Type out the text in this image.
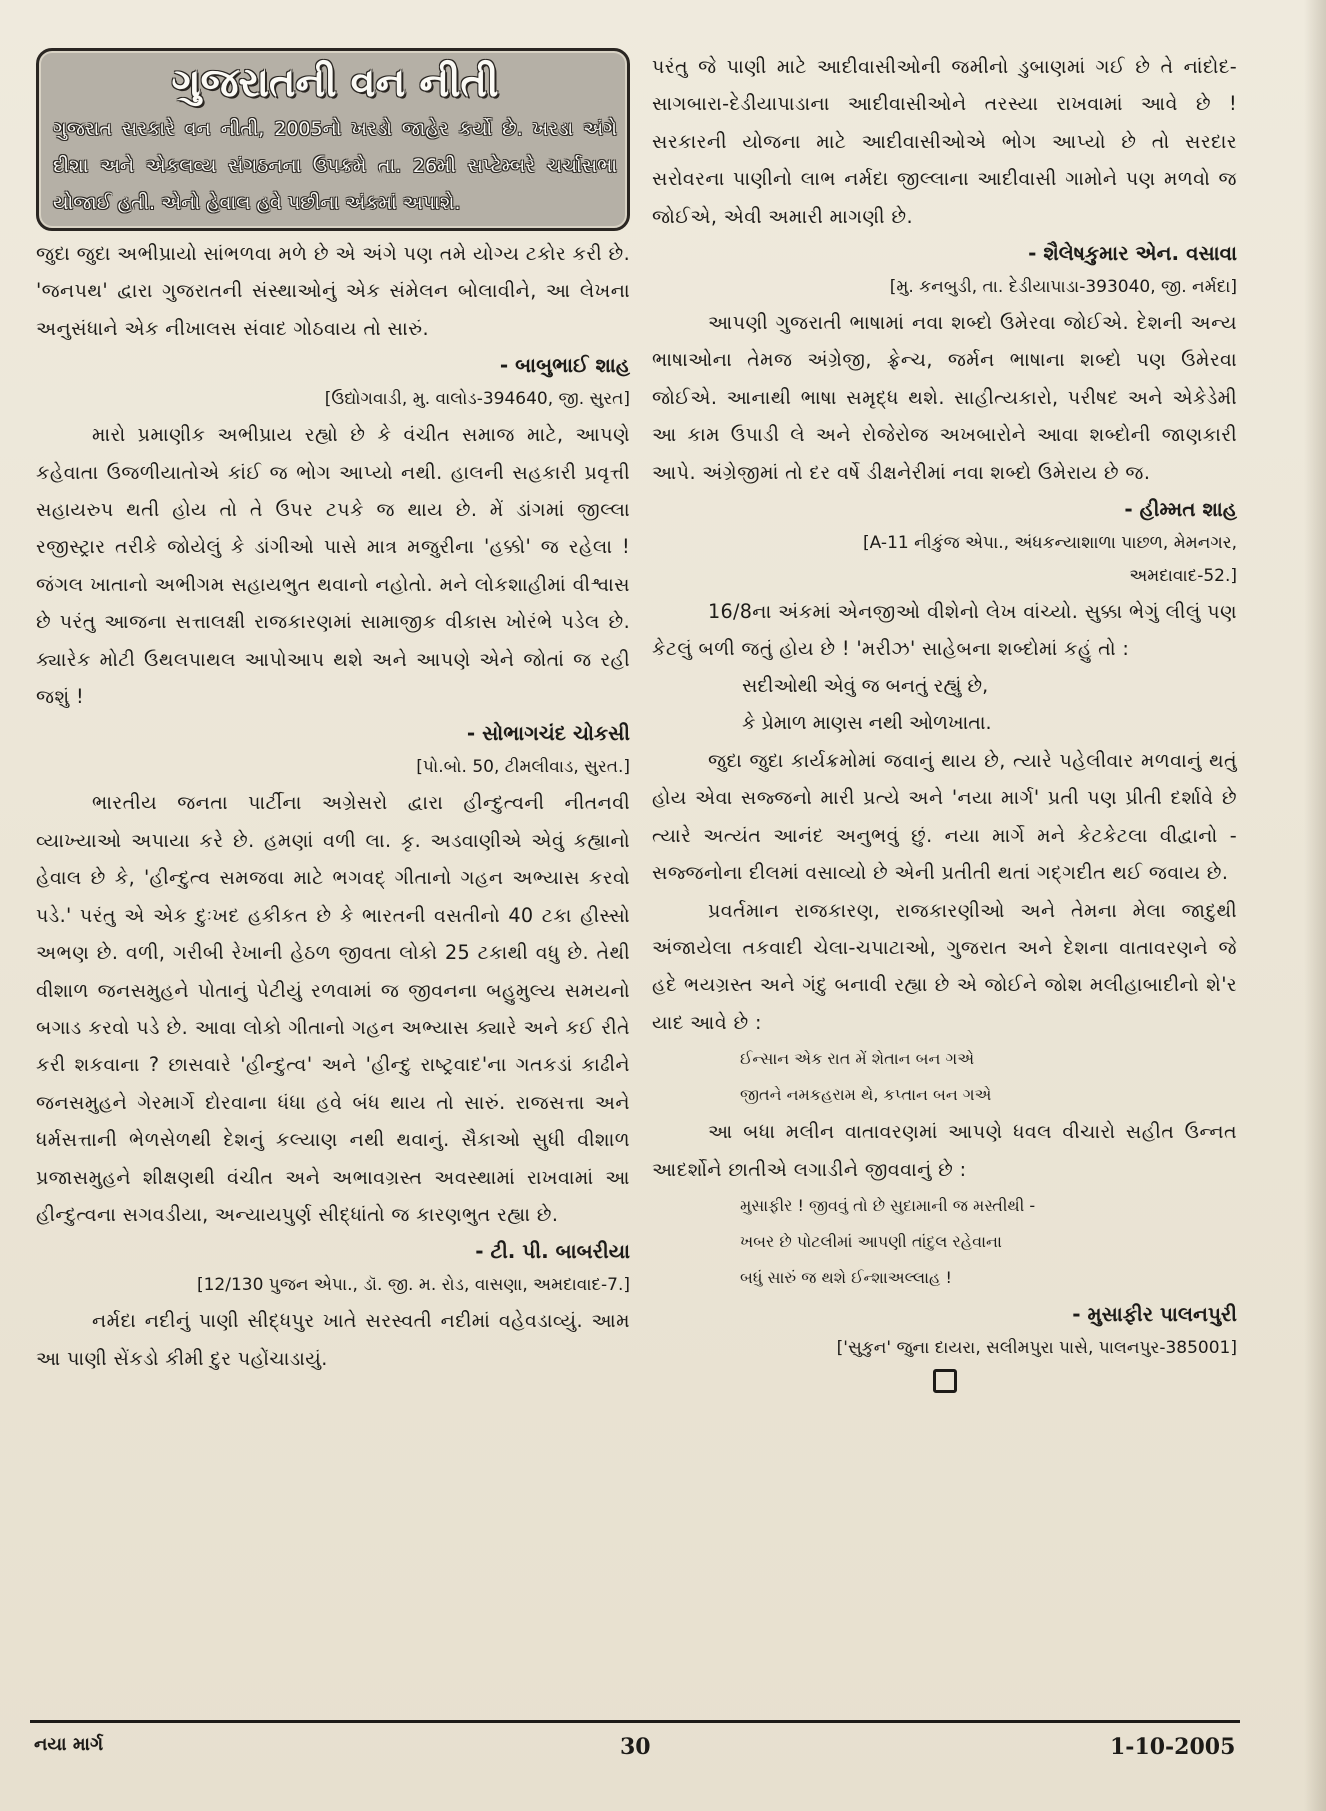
ગુજરાતની વન નીતી

ગુજરાત સરકારે વન નીતી, 2005નો ખરડો જાહેર કર્યો છે. ખરડા અંગે દીશા અને એકલવ્ય સંગઠનના ઉપક્રમે તા. 26મી સપ્ટેમ્બરે ચર્ચાસભા યોજાઈ હતી. એનો હેવાલ હવે પછીના અંકમાં અપાશે.

જુદા જુદા અભીપ્રાયો સાંભળવા મળે છે એ અંગે પણ તમે યોગ્ય ટકોર કરી છે. 'જનપથ' દ્વારા ગુજરાતની સંસ્થાઓનું એક સંમેલન બોલાવીને, આ લેખના અનુસંધાને એક નીખાલસ સંવાદ ગોઠવાય તો સારું.

- બાબુભાઈ શાહ

[ઉદ્યોગવાડી, મુ. વાલોડ-394640, જી. સુરત]

મારો પ્રમાણીક અભીપ્રાય રહ્યો છે કે વંચીત સમાજ માટે, આપણે કહેવાતા ઉજળીયાતોએ કાંઈ જ ભોગ આપ્યો નથી. હાલની સહકારી પ્રવૃત્તી સહાયરુપ થતી હોય તો તે ઉપર ટપકે જ થાય છે. મેં ડાંગમાં જીલ્લા રજીસ્ટ્રાર તરીકે જોયેલું કે ડાંગીઓ પાસે માત્ર મજુરીના 'હક્કો' જ રહેલા ! જંગલ ખાતાનો અભીગમ સહાયભુત થવાનો નહોતો. મને લોકશાહીમાં વીશ્વાસ છે પરંતુ આજના સત્તાલક્ષી રાજકારણમાં સામાજીક વીકાસ ખોરંભે પડેલ છે. ક્યારેક મોટી ઉથલપાથલ આપોઆપ થશે અને આપણે એને જોતાં જ રહી જશું !

- સોભાગચંદ ચોકસી

[પો.બો. 50, ટીમલીવાડ, સુરત.]

ભારતીય જનતા પાર્ટીના અગ્રેસરો દ્વારા હીન્દુત્વની નીતનવી વ્યાખ્યાઓ અપાયા કરે છે. હમણાં વળી લા. કૃ. અડવાણીએ એવું કહ્યાનો હેવાલ છે કે, 'હીન્દુત્વ સમજવા માટે ભગવદ્ ગીતાનો ગહન અભ્યાસ કરવો પડે.' પરંતુ એ એક દુઃખદ હકીકત છે કે ભારતની વસતીનો 40 ટકા હીસ્સો અભણ છે. વળી, ગરીબી રેખાની હેઠળ જીવતા લોકો 25 ટકાથી વધુ છે. તેથી વીશાળ જનસમુહને પોતાનું પેટીયું રળવામાં જ જીવનના બહુમુલ્ય સમયનો બગાડ કરવો પડે છે. આવા લોકો ગીતાનો ગહન અભ્યાસ ક્યારે અને કઈ રીતે કરી શકવાના ? છાસવારે 'હીન્દુત્વ' અને 'હીન્દુ રાષ્ટ્રવાદ'ના ગતકડાં કાઢીને જનસમુહને ગેરમાર્ગે દોરવાના ધંધા હવે બંધ થાય તો સારું. રાજસત્તા અને ધર્મસત્તાની ભેળસેળથી દેશનું કલ્યાણ નથી થવાનું. સૈકાઓ સુધી વીશાળ પ્રજાસમુહને શીક્ષણથી વંચીત અને અભાવગ્રસ્ત અવસ્થામાં રાખવામાં આ હીન્દુત્વના સગવડીયા, અન્યાયપુર્ણ સીદ્ધાંતો જ કારણભુત રહ્યા છે.

- ટી. પી. બાબરીયા

[12/130 પુજન એપા., ડૉ. જી. મ. રોડ, વાસણા, અમદાવાદ-7.]

નર્મદા નદીનું પાણી સીદ્ધપુર ખાતે સરસ્વતી નદીમાં વહેવડાવ્યું. આમ આ પાણી સેંકડો કીમી દુર પહોંચાડાયું.

પરંતુ જે પાણી માટે આદીવાસીઓની જમીનો ડુબાણમાં ગઈ છે તે નાંદોદ- સાગબારા-દેડીયાપાડાના આદીવાસીઓને તરસ્યા રાખવામાં આવે છે ! સરકારની યોજના માટે આદીવાસીઓએ ભોગ આપ્યો છે તો સરદાર સરોવરના પાણીનો લાભ નર્મદા જીલ્લાના આદીવાસી ગામોને પણ મળવો જ જોઈએ, એવી અમારી માગણી છે.

- શૈલેષકુમાર એન. વસાવા

[મુ. કનબુડી, તા. દેડીયાપાડા-393040, જી. નર્મદા]

આપણી ગુજરાતી ભાષામાં નવા શબ્દો ઉમેરવા જોઈએ. દેશની અન્ય ભાષાઓના તેમજ અંગ્રેજી, ફ્રેન્ચ, જર્મન ભાષાના શબ્દો પણ ઉમેરવા જોઈએ. આનાથી ભાષા સમૃદ્ધ થશે. સાહીત્યકારો, પરીષદ અને એકેડેમી આ કામ ઉપાડી લે અને રોજેરોજ અખબારોને આવા શબ્દોની જાણકારી આપે. અંગ્રેજીમાં તો દર વર્ષે ડીક્ષનેરીમાં નવા શબ્દો ઉમેરાય છે જ.

- હીમ્મત શાહ

[A-11 નીકુંજ એપા., અંધકન્યાશાળા પાછળ, મેમનગર,

અમદાવાદ-52.]

16/8ના અંકમાં એનજીઓ વીશેનો લેખ વાંચ્યો. સુક્કા ભેગું લીલું પણ કેટલું બળી જતું હોય છે ! 'મરીઝ' સાહેબના શબ્દોમાં કહું તો :

સદીઓથી એવું જ બનતું રહ્યું છે,

કે પ્રેમાળ માણસ નથી ઓળખાતા.

જુદા જુદા કાર્યક્રમોમાં જવાનું થાય છે, ત્યારે પહેલીવાર મળવાનું થતું હોય એવા સજ્જનો મારી પ્રત્યે અને 'નયા માર્ગ' પ્રતી પણ પ્રીતી દર્શાવે છે ત્યારે અત્યંત આનંદ અનુભવું છું. નયા માર્ગે મને કેટકેટલા વીદ્વાનો - સજ્જનોના દીલમાં વસાવ્યો છે એની પ્રતીતી થતાં ગદ્ગદીત થઈ જવાય છે.

પ્રવર્તમાન રાજકારણ, રાજકારણીઓ અને તેમના મેલા જાદુથી અંજાયેલા તકવાદી ચેલા-ચપાટાઓ, ગુજરાત અને દેશના વાતાવરણને જે હદે ભયગ્રસ્ત અને ગંદુ બનાવી રહ્યા છે એ જોઈને જોશ મલીહાબાદીનો શે'ર યાદ આવે છે :

ઈન્સાન એક રાત મેં શેતાન બન ગએ

જીતને નમકહરામ થે, કપ્તાન બન ગએ

આ બધા મલીન વાતાવરણમાં આપણે ધવલ વીચારો સહીત ઉન્નત આદર્શોને છાતીએ લગાડીને જીવવાનું છે :

મુસાફીર ! જીવવું તો છે સુદામાની જ મસ્તીથી -

ખબર છે પોટલીમાં આપણી તાંદુલ રહેવાના

બધું સારું જ થશે ઈન્શાઅલ્લાહ !

- મુસાફીર પાલનપુરી

['સુકુન' જુના દાયરા, સલીમપુરા પાસે, પાલનપુર-385001]

નયા માર્ગ	30	1-10-2005
